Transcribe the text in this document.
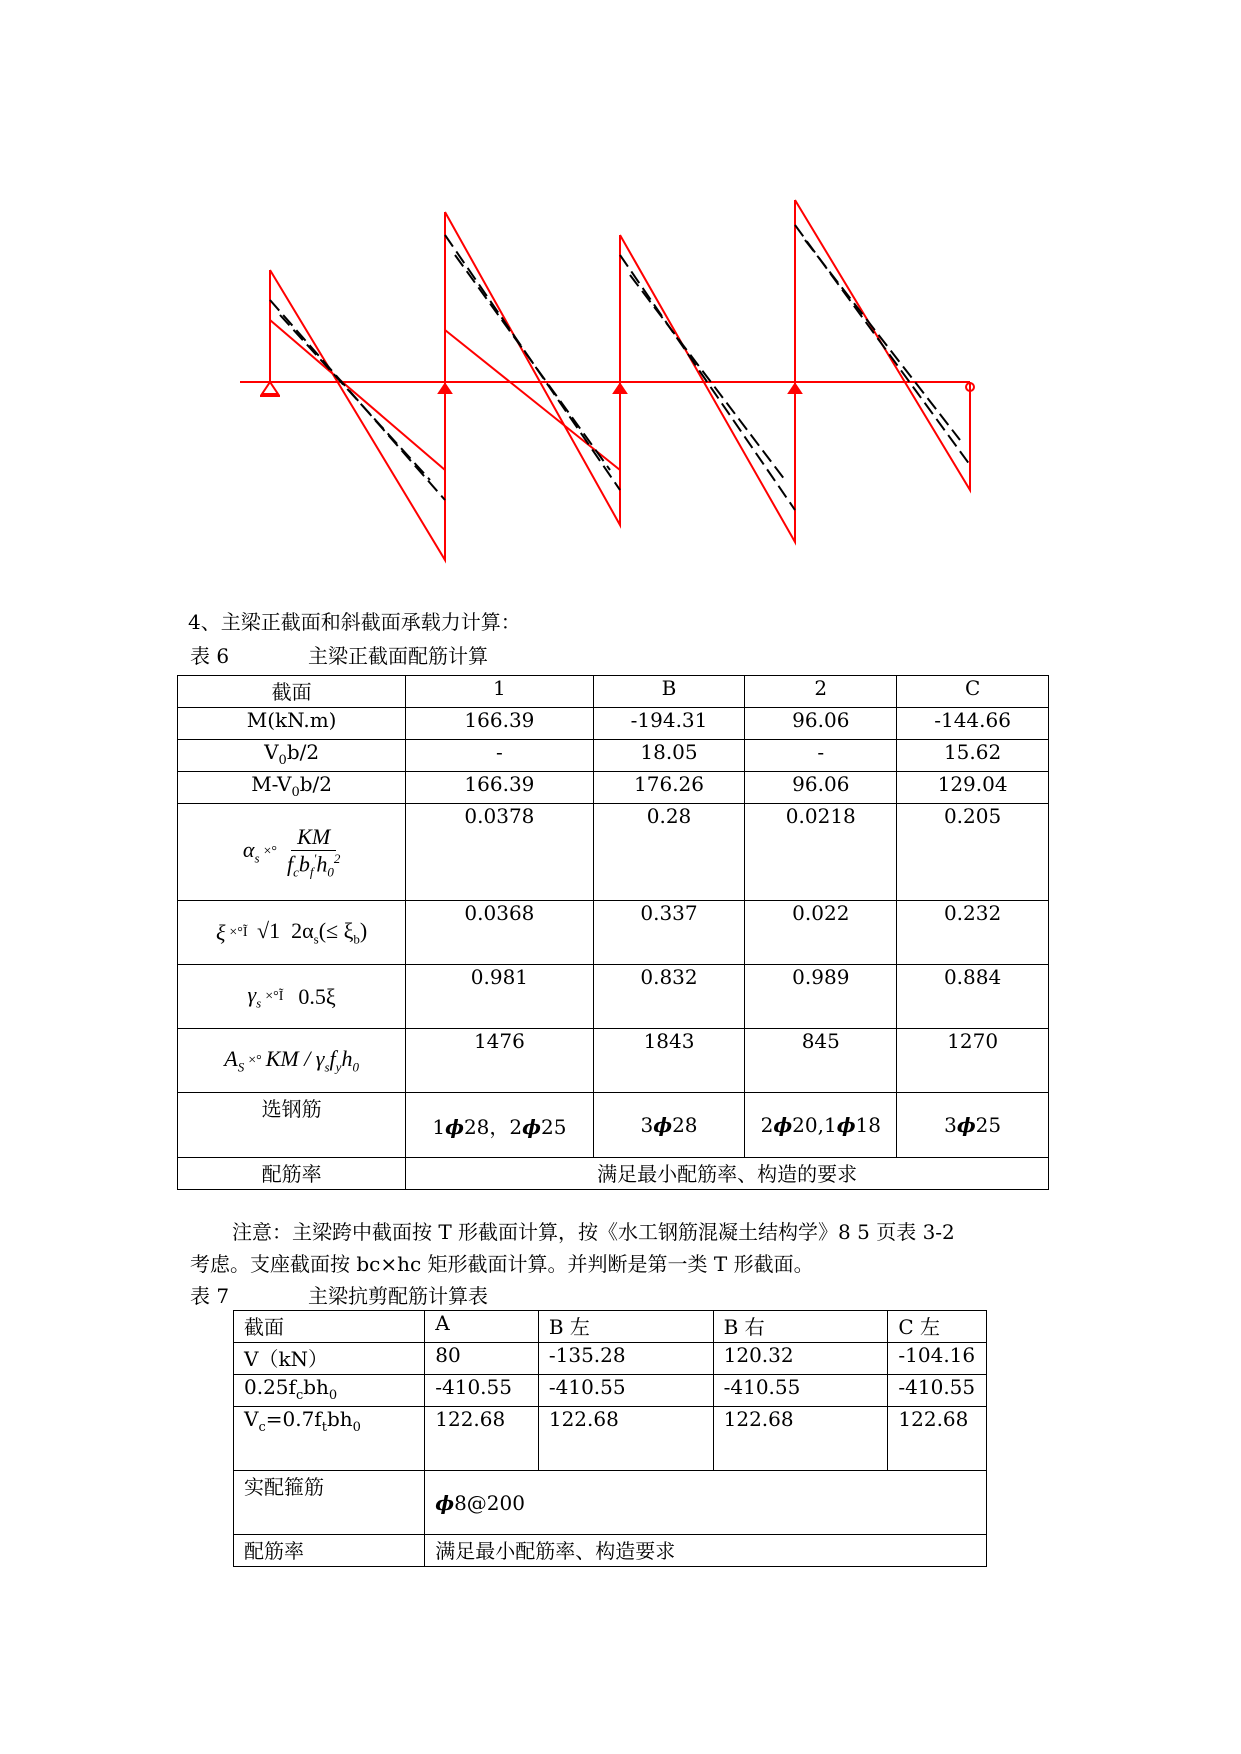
4、主梁正截面和斜截面承载力计算：
表 6	主梁正截面配筋计算
截面	1	B	2	C
M(kN.m)	166.39	-194.31	96.06	-144.66
$V_0b/2$	-	18.05	-	15.62
$M-V_0b/2$	166.39	176.26	96.06	129.04

$\alpha_s$ ×° $\frac{KM}{f_cb_f'h_0^2}$	0.0378	0.28	0.0218	0.205

ξ ×°Ĩ √1  $2\alpha_s(\le \xi_b)$	0.0368	0.337	0.022	0.232

$\gamma_s$ ×°Ĩ 0.5ξ	0.981	0.832	0.989	0.884

$A_S$ ×° KM / $\gamma_sf_yh_0$	1476	1843	845	1270
选钢筋	1ϕ28，2ϕ25	3ϕ28	2ϕ20,1ϕ18	3ϕ25
配筋率	满足最小配筋率、构造的要求			
注意：主梁跨中截面按 T 形截面计算，按《水工钢筋混凝土结构学》8 5 页表 3-2
考虑。支座截面按 bc×hc 矩形截面计算。并判断是第一类 T 形截面。
表 7	主梁抗剪配筋计算表
截面	A	B 左	B 右	C 左
V（kN）	80	-135.28	120.32	-104.16
$0.25f_cbh_0$	-410.55	-410.55	-410.55	-410.55
$V_c=0.7f_tbh_0$	122.68	122.68	122.68	122.68
实配箍筋	ϕ8@200			
配筋率	满足最小配筋率、构造要求			
